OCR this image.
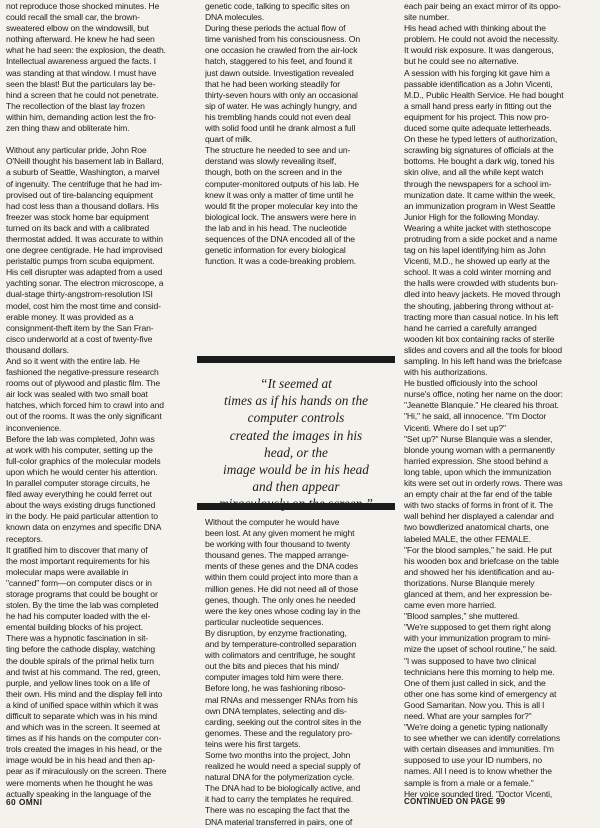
not reproduce those shocked minutes. He
could recall the small car, the brown-
sweatered elbow on the windowsill, but
nothing afterward. He knew he had seen
what he had seen: the explosion, the death.
Intellectual awareness argued the facts. I
was standing at that window. I must have
seen the blast! But the particulars lay be-
hind a screen that he could not penetrate.
The recollection of the blast lay frozen
within him, demanding action lest the fro-
zen thing thaw and obliterate him.
Without any particular pride, John Roe
O'Neill thought his basement lab in Ballard,
a suburb of Seattle, Washington, a marvel
of ingenuity. The centrifuge that he had im-
provised out of tire-balancing equipment
had cost less than a thousand dollars. His
freezer was stock home bar equipment
turned on its back and with a calibrated
thermostat added. It was accurate to within
one degree centigrade. He had improvised
peristaltic pumps from scuba equipment.
His cell disrupter was adapted from a used
yachting sonar. The electron microscope, a
dual-stage thirty-angstrom-resolution ISI
model, cost him the most time and consid-
erable money. It was provided as a
consignment-theft item by the San Fran-
cisco underworld at a cost of twenty-five
thousand dollars.
And so it went with the entire lab. He
fashioned the negative-pressure research
rooms out of plywood and plastic film. The
air lock was sealed with two small boat
hatches, which forced him to crawl into and
out of the rooms. It was the only significant
inconvenience.
Before the lab was completed, John was
at work with his computer, setting up the
full-color graphics of the molecular models
upon which he would center his attention.
In parallel computer storage circuits, he
filed away everything he could ferret out
about the ways existing drugs functioned
in the body. He paid particular attention to
known data on enzymes and specific DNA
receptors.
It gratified him to discover that many of
the most important requirements for his
molecular maps were available in
"canned" form—on computer discs or in
storage programs that could be bought or
stolen. By the time the lab was completed
he had his computer loaded with the el-
emental building blocks of his project.
There was a hypnotic fascination in sit-
ting before the cathode display, watching
the double spirals of the primal helix turn
and twist at his command. The red, green,
purple, and yellow lines took on a life of
their own. His mind and the display fell into
a kind of unified space within which it was
difficult to separate which was in his mind
and which was in the screen. It seemed at
times as if his hands on the computer con-
trols created the images in his head, or the
image would be in his head and then ap-
pear as if miraculously on the screen. There
were moments when he thought he was
actually speaking in the language of the
genetic code, talking to specific sites on
DNA molecules.
During these periods the actual flow of
time vanished from his consciousness. On
one occasion he crawled from the air-lock
hatch, staggered to his feet, and found it
just dawn outside. Investigation revealed
that he had been working steadily for
thirty-seven hours with only an occasional
sip of water. He was achingly hungry, and
his trembling hands could not even deal
with solid food until he drank almost a full
quart of milk.
The structure he needed to see and un-
derstand was slowly revealing itself,
though, both on the screen and in the
computer-monitored outputs of his lab. He
knew it was only a matter of time until he
would fit the proper molecular key into the
biological lock. The answers were here in
the lab and in his head. The nucleotide
sequences of the DNA encoded all of the
genetic information for every biological
function. It was a code-breaking problem.
Without the computer he would have
been lost. At any given moment he might
be working with four thousand to twenty
thousand genes. The mapped arrange-
ments of these genes and the DNA codes
within them could project into more than a
million genes. He did not need all of those
genes, though. The only ones he needed
were the key ones whose coding lay in the
particular nucleotide sequences.
By disruption, by enzyme fractionating,
and by temperature-controlled separation
with colimators and centrifuge, he sought
out the bits and pieces that his mind/
computer images told him were there.
Before long, he was fashioning riboso-
mal RNAs and messenger RNAs from his
own DNA templates, selecting and dis-
carding, seeking out the control sites in the
genomes. These and the regulatory pro-
teins were his first targets.
Some two months into the project, John
realized he would need a special supply of
natural DNA for the polymerization cycle.
The DNA had to be biologically active, and
it had to carry the templates he required.
There was no escaping the fact that the
DNA material transferred in pairs, one of
“It seemed at
times as if his hands on the
computer controls
created the images in his
head, or the
image would be in his head
and then appear
miraculously on the screen.”
each pair being an exact mirror of its oppo-
site number.
His head ached with thinking about the
problem. He could not avoid the necessity.
It would risk exposure. It was dangerous,
but he could see no alternative.
A session with his forging kit gave him a
passable identification as a John Vicenti,
M.D., Public Health Service. He had bought
a small hand press early in fitting out the
equipment for his project. This now pro-
duced some quite adequate letterheads.
On these he typed letters of authorization,
scrawling big signatures of officials at the
bottoms. He bought a dark wig, toned his
skin olive, and all the while kept watch
through the newspapers for a school im-
munization date. It came within the week,
an immunization program in West Seattle
Junior High for the following Monday.
Wearing a white jacket with stethoscope
protruding from a side pocket and a name
tag on his lapel identifying him as John
Vicenti, M.D., he showed up early at the
school. It was a cold winter morning and
the halls were crowded with students bun-
dled into heavy jackets. He moved through
the shouting, jabbering throng without at-
tracting more than casual notice. In his left
hand he carried a carefully arranged
wooden kit box containing racks of sterile
slides and covers and all the tools for blood
sampling. In his left hand was the briefcase
with his authorizations.
He bustled officiously into the school
nurse's office, noting her name on the door:
"Jeanette Blanquie." He cleared his throat.
"Hi," he said, all innocence. "I'm Doctor
Vicenti. Where do I set up?"
"Set up?" Nurse Blanquie was a slender,
blonde young woman with a permanently
harried expression. She stood behind a
long table, upon which the immunization
kits were set out in orderly rows. There was
an empty chair at the far end of the table
with two stacks of forms in front of it. The
wall behind her displayed a calendar and
two bowdlerized anatomical charts, one
labeled MALE, the other FEMALE.
"For the blood samples," he said. He put
his wooden box and briefcase on the table
and showed her his identification and au-
thorizations. Nurse Blanquie merely
glanced at them, and her expression be-
came even more harried.
"Blood samples," she muttered.
"We're supposed to get them right along
with your immunization program to mini-
mize the upset of school routine," he said.
"I was supposed to have two clinical
technicians here this morning to help me.
One of them just called in sick, and the
other one has some kind of emergency at
Good Samaritan. Now you. This is all I
need. What are your samples for?"
"We're doing a genetic typing nationally
to see whether we can identify correlations
with certain diseases and immunities. I'm
supposed to use your ID numbers, no
names. All I need is to know whether the
sample is from a male or a female."
Her voice sounded tired. "Doctor Vicenti,
60 OMNI	CONTINUED ON PAGE 99
